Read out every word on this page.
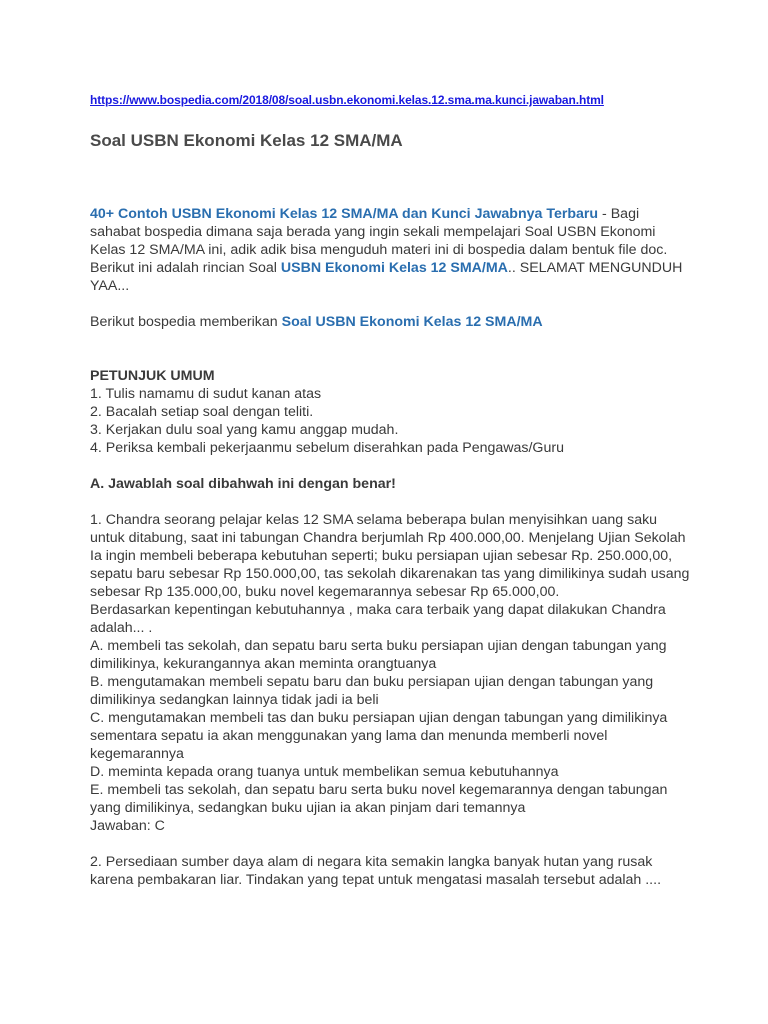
https://www.bospedia.com/2018/08/soal.usbn.ekonomi.kelas.12.sma.ma.kunci.jawaban.html
Soal USBN Ekonomi Kelas 12 SMA/MA

40+ Contoh USBN Ekonomi Kelas 12 SMA/MA dan Kunci Jawabnya Terbaru - Bagi sahabat bospedia dimana saja berada yang ingin sekali mempelajari Soal USBN Ekonomi Kelas 12 SMA/MA ini, adik adik bisa menguduh materi ini di bospedia dalam bentuk file doc. Berikut ini adalah rincian Soal USBN Ekonomi Kelas 12 SMA/MA.. SELAMAT MENGUNDUH YAA...

Berikut bospedia memberikan Soal USBN Ekonomi Kelas 12 SMA/MA

PETUNJUK UMUM

1. Tulis namamu di sudut kanan atas

2. Bacalah setiap soal dengan teliti.

3. Kerjakan dulu soal yang kamu anggap mudah.

4. Periksa kembali pekerjaanmu sebelum diserahkan pada Pengawas/Guru

A. Jawablah soal dibahwah ini dengan benar!

1. Chandra seorang pelajar kelas 12 SMA selama beberapa bulan menyisihkan uang saku untuk ditabung, saat ini tabungan Chandra berjumlah Rp 400.000,00. Menjelang Ujian Sekolah Ia ingin membeli beberapa kebutuhan seperti; buku persiapan ujian sebesar Rp. 250.000,00, sepatu baru sebesar Rp 150.000,00, tas sekolah dikarenakan tas yang dimilikinya sudah usang sebesar Rp 135.000,00, buku novel kegemarannya sebesar Rp 65.000,00.

Berdasarkan kepentingan kebutuhannya , maka cara terbaik yang dapat dilakukan Chandra adalah... .

A. membeli tas sekolah, dan sepatu baru serta buku persiapan ujian dengan tabungan yang dimilikinya, kekurangannya akan meminta orangtuanya

B. mengutamakan membeli sepatu baru dan buku persiapan ujian dengan tabungan yang dimilikinya sedangkan lainnya tidak jadi ia beli

C. mengutamakan membeli tas dan buku persiapan ujian dengan tabungan yang dimilikinya sementara sepatu ia akan menggunakan yang lama dan menunda memberli novel kegemarannya

D. meminta kepada orang tuanya untuk membelikan semua kebutuhannya

E. membeli tas sekolah, dan sepatu baru serta buku novel kegemarannya dengan tabungan yang dimilikinya, sedangkan buku ujian ia akan pinjam dari temannya

Jawaban: C

2. Persediaan sumber daya alam di negara kita semakin langka banyak hutan yang rusak karena pembakaran liar. Tindakan yang tepat untuk mengatasi masalah tersebut adalah ....
